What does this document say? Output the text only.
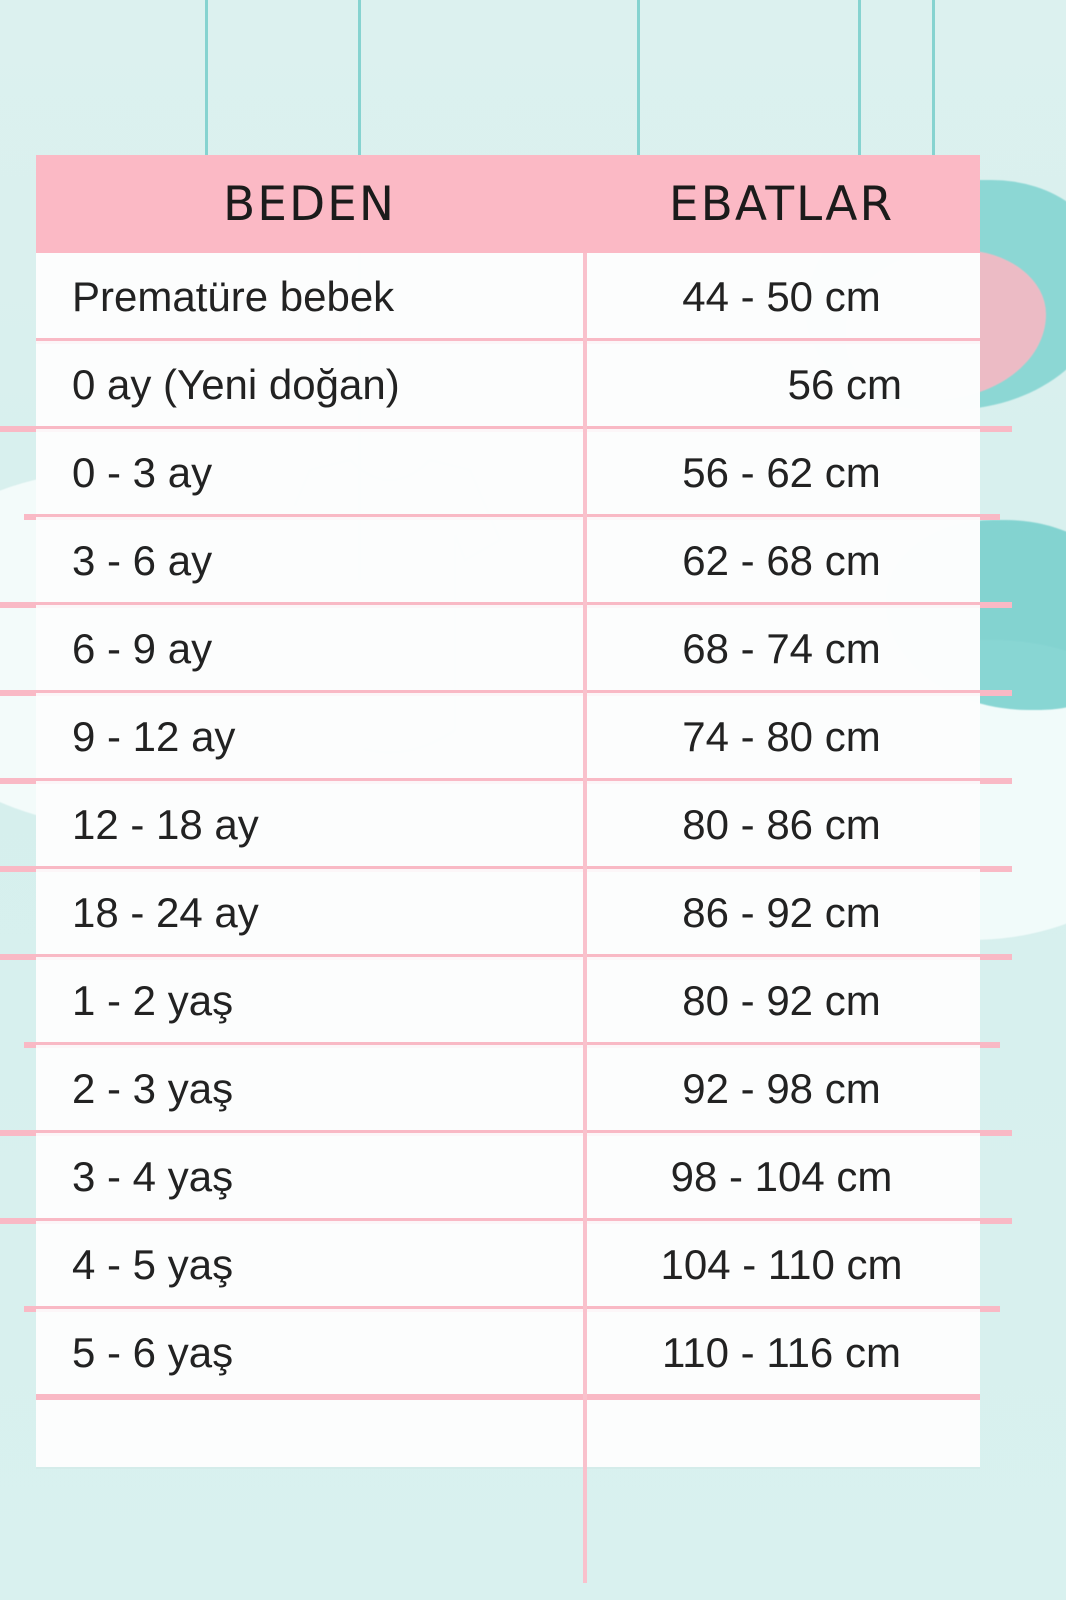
BEDEN	EBATLAR
Prematüre bebek	44 - 50 cm
0 ay (Yeni doğan)	56 cm
0 - 3 ay	56 - 62 cm
3 - 6 ay	62 - 68 cm
6 - 9 ay	68 - 74 cm
9 - 12 ay	74 - 80 cm
12 - 18 ay	80 - 86 cm
18 - 24 ay	86 - 92 cm
1 - 2 yaş	80 - 92 cm
2 - 3 yaş	92 - 98 cm
3 - 4 yaş	98 - 104 cm
4 - 5 yaş	104 - 110 cm
5 - 6 yaş	110 - 116 cm
